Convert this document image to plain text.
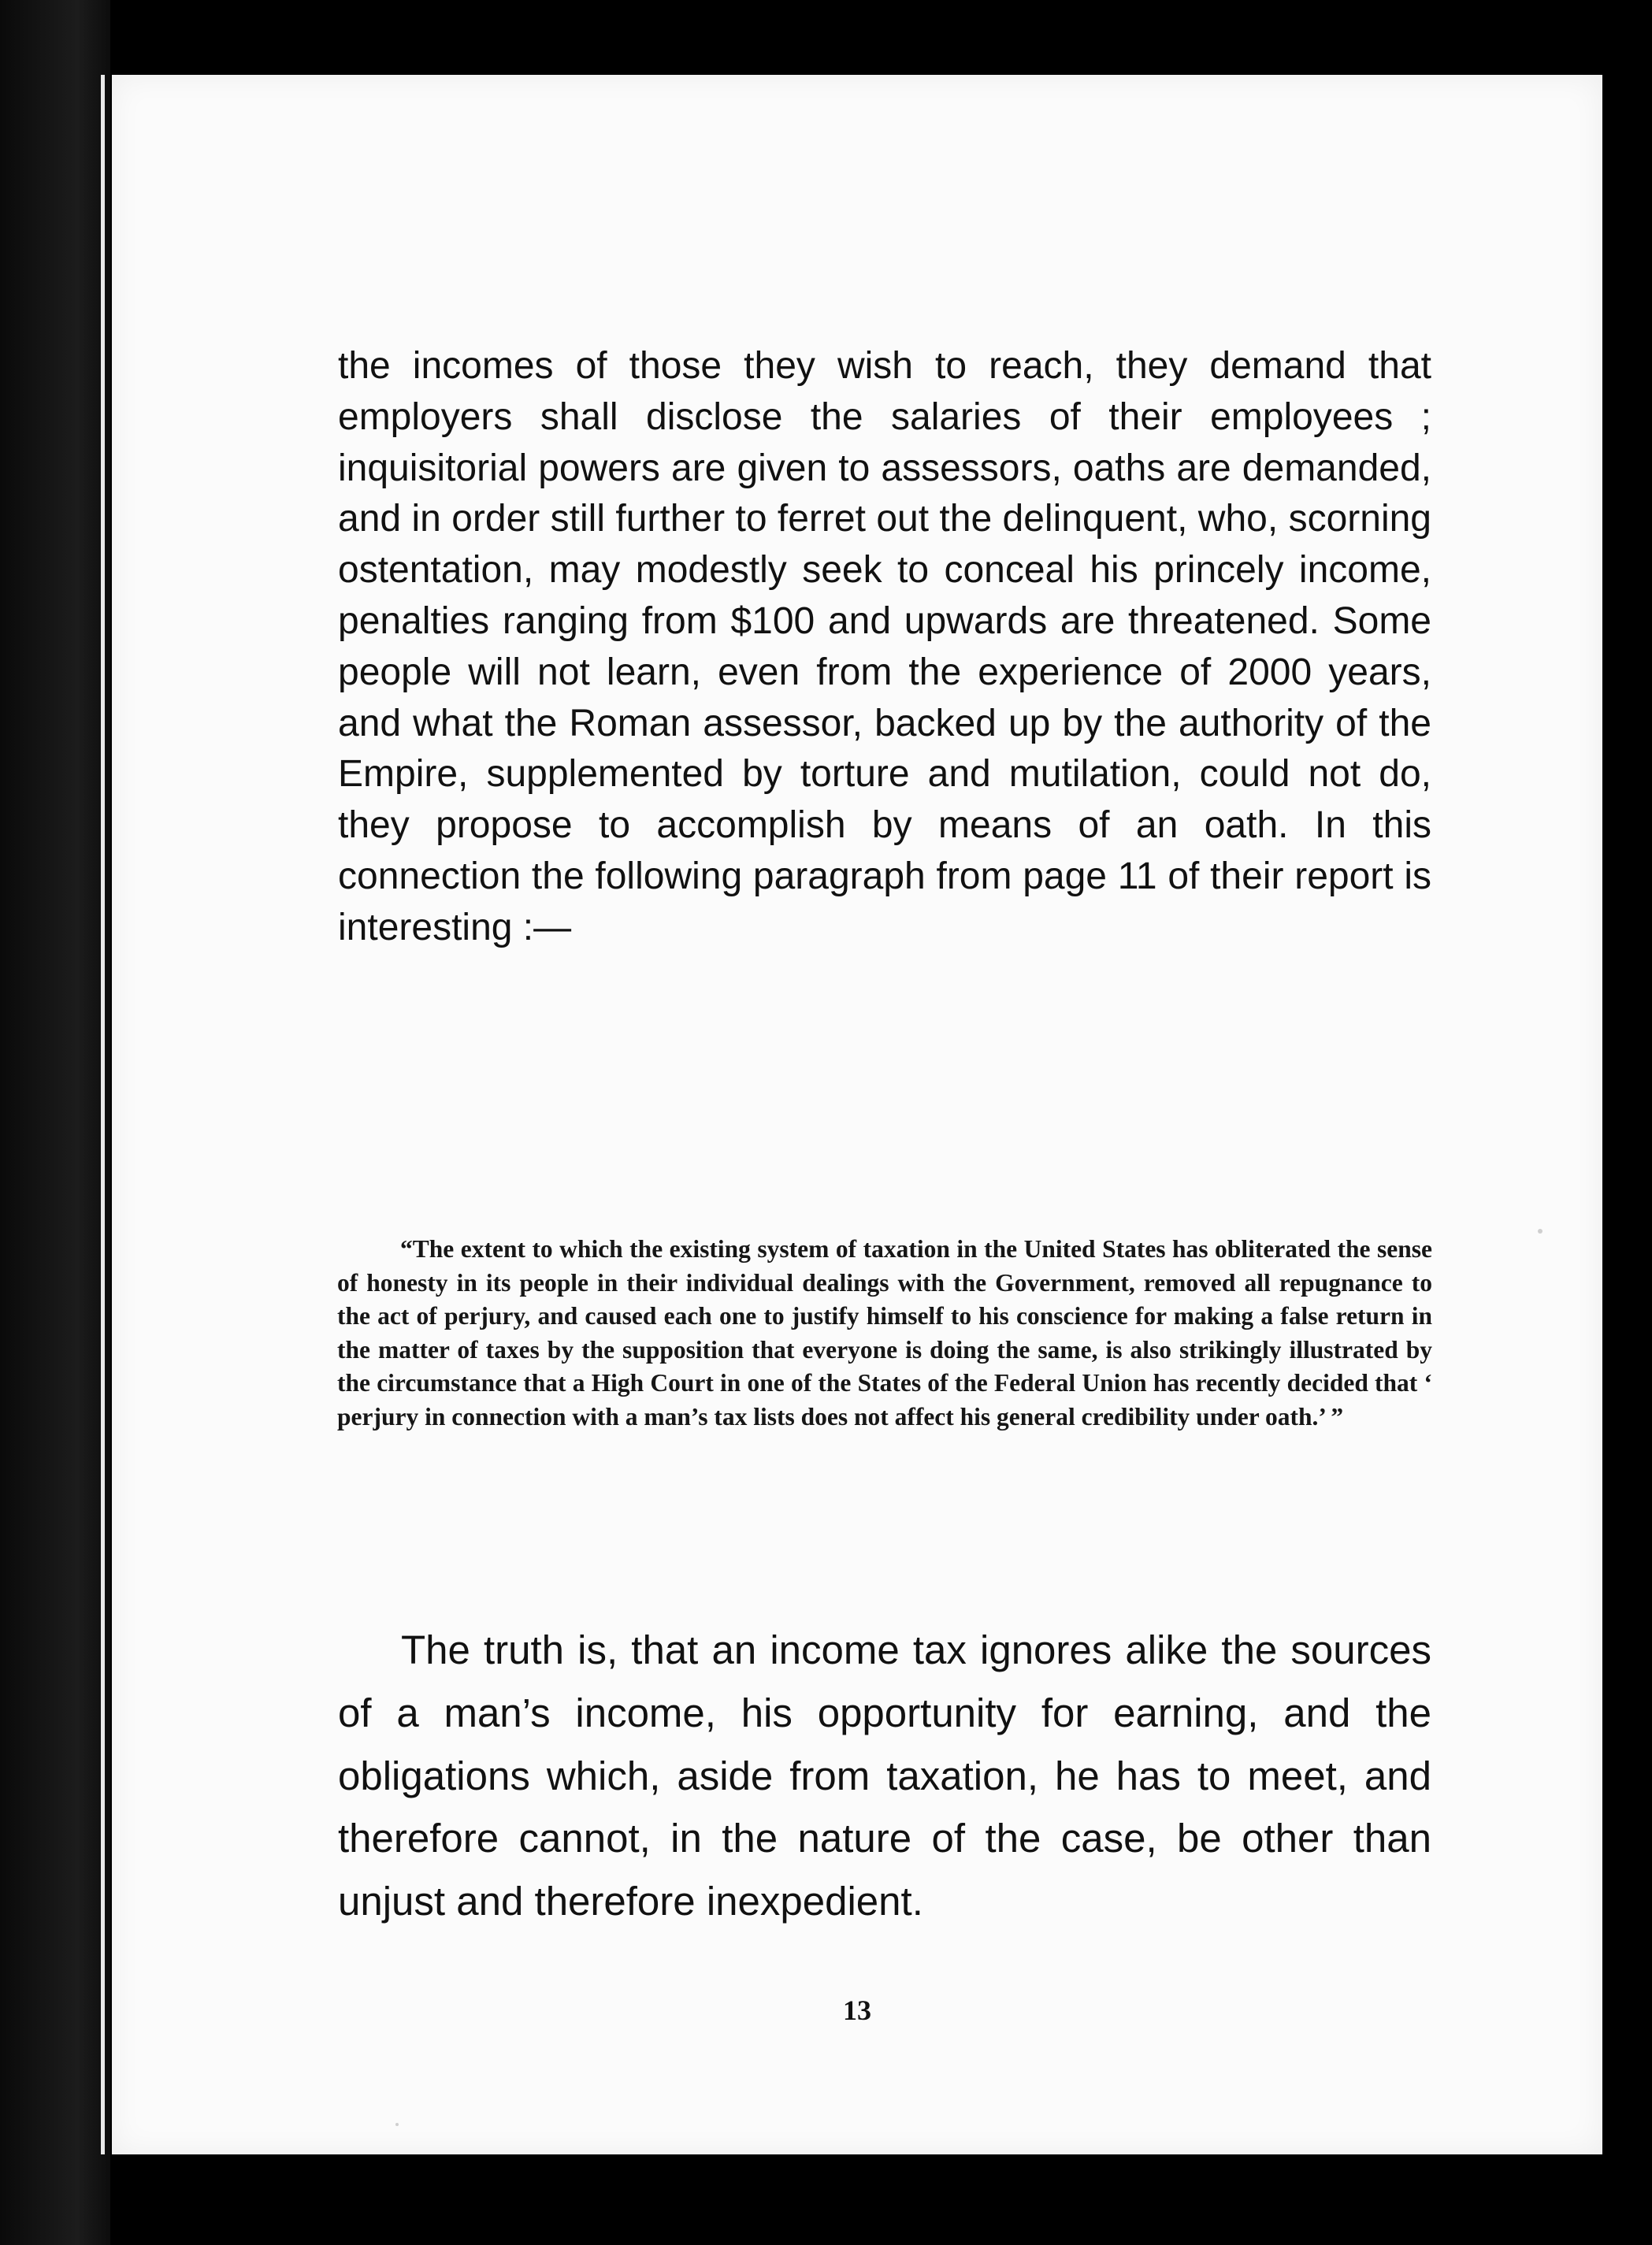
the incomes of those they wish to reach, they demand that employers shall disclose the salaries of their employees ; inquisitorial powers are given to assessors, oaths are demanded, and in order still further to ferret out the delinquent, who, scorning ostentation, may modestly seek to conceal his princely income, penalties ranging from $100 and upwards are threatened. Some people will not learn, even from the experience of 2000 years, and what the Roman assessor, backed up by the authority of the Empire, supplemented by torture and mutilation, could not do, they propose to accomplish by means of an oath. In this connection the following paragraph from page 11 of their report is interesting :—

“The extent to which the existing system of taxation in the United States has obliterated the sense of honesty in its people in their individual dealings with the Government, removed all repugnance to the act of perjury, and caused each one to justify himself to his conscience for making a false return in the matter of taxes by the supposition that everyone is doing the same, is also strikingly illustrated by the circumstance that a High Court in one of the States of the Federal Union has recently decided that ‘ perjury in connection with a man’s tax lists does not affect his general credibility under oath.’ ”

The truth is, that an income tax ignores alike the sources of a man’s income, his opportunity for earning, and the obligations which, aside from taxation, he has to meet, and therefore cannot, in the nature of the case, be other than unjust and therefore inexpedient.

13
